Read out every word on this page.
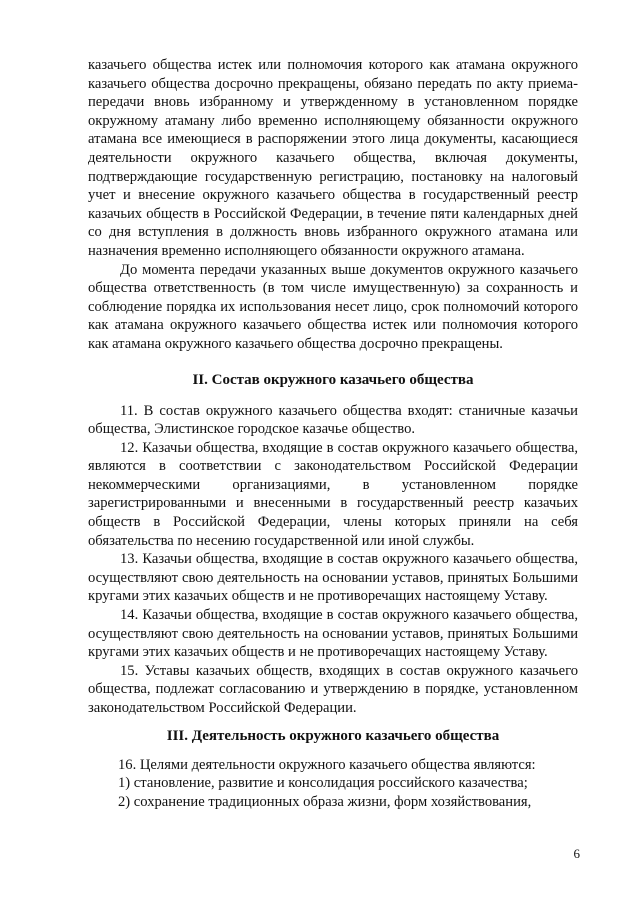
казачьего общества истек или полномочия которого как атамана окружного казачьего общества досрочно прекращены, обязано передать по акту приема-передачи вновь избранному и утвержденному в установленном порядке окружному атаману либо временно исполняющему обязанности окружного атамана все имеющиеся в распоряжении этого лица документы, касающиеся деятельности окружного казачьего общества, включая документы, подтверждающие государственную регистрацию, постановку на налоговый учет и внесение окружного казачьего общества в государственный реестр казачьих обществ в Российской Федерации, в течение пяти календарных дней со дня вступления в должность вновь избранного окружного атамана или назначения временно исполняющего обязанности окружного атамана.

До момента передачи указанных выше документов окружного казачьего общества ответственность (в том числе имущественную) за сохранность и соблюдение порядка их использования несет лицо, срок полномочий которого как атамана окружного казачьего общества истек или полномочия которого как атамана окружного казачьего общества досрочно прекращены.

II. Состав окружного казачьего общества

11. В состав окружного казачьего общества входят: станичные казачьи общества, Элистинское городское казачье общество.

12. Казачьи общества, входящие в состав окружного казачьего общества, являются в соответствии с законодательством Российской Федерации некоммерческими организациями, в установленном порядке зарегистрированными и внесенными в государственный реестр казачьих обществ в Российской Федерации, члены которых приняли на себя обязательства по несению государственной или иной службы.

13. Казачьи общества, входящие в состав окружного казачьего общества, осуществляют свою деятельность на основании уставов, принятых Большими кругами этих казачьих обществ и не противоречащих настоящему Уставу.

14. Казачьи общества, входящие в состав окружного казачьего общества, осуществляют свою деятельность на основании уставов, принятых Большими кругами этих казачьих обществ и не противоречащих настоящему Уставу.

15. Уставы казачьих обществ, входящих в состав окружного казачьего общества, подлежат согласованию и утверждению в порядке, установленном законодательством Российской Федерации.

III. Деятельность окружного казачьего общества

16. Целями деятельности окружного казачьего общества являются:

1) становление, развитие и консолидация российского казачества;

2) сохранение традиционных образа жизни, форм хозяйствования,

6
